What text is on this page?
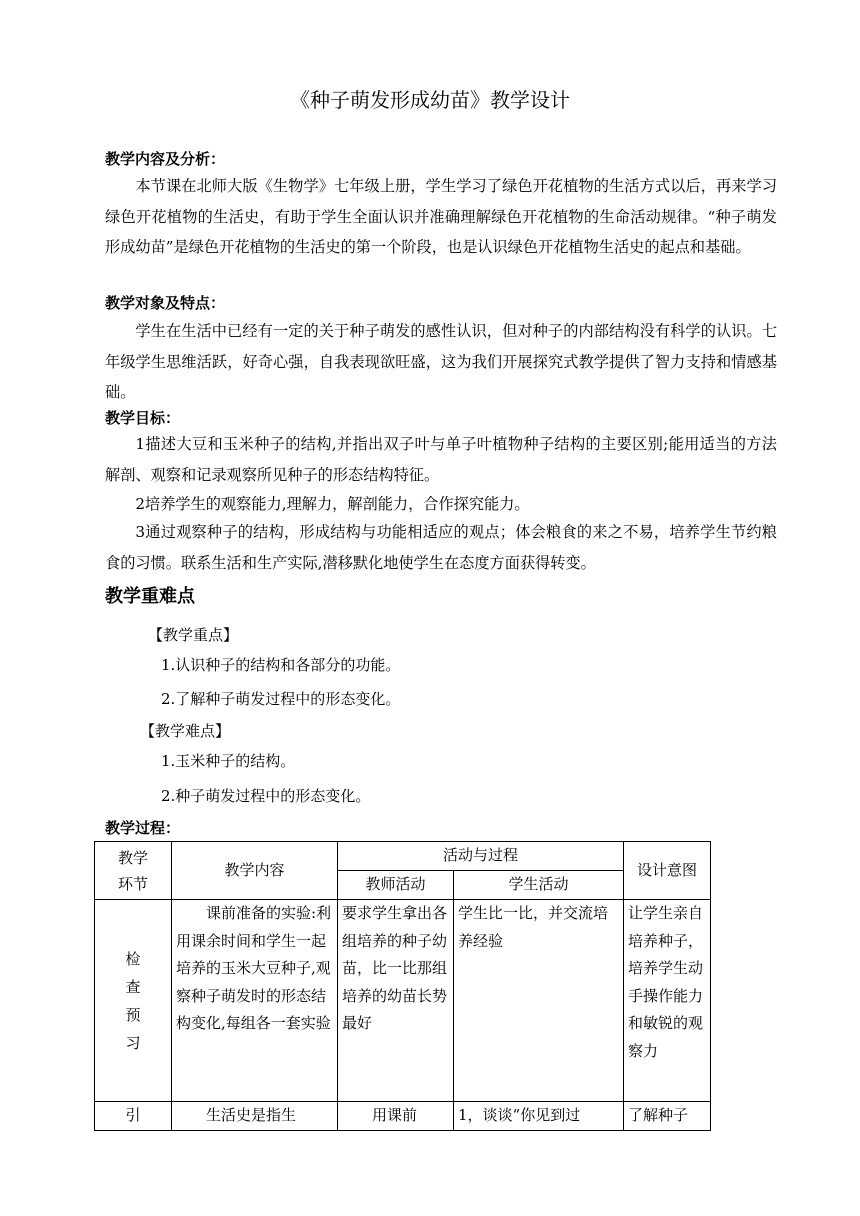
《种子萌发形成幼苗》教学设计
教学内容及分析：

本节课在北师大版《生物学》七年级上册，学生学习了绿色开花植物的生活方式以后，再来学习绿色开花植物的生活史，有助于学生全面认识并准确理解绿色开花植物的生命活动规律。“种子萌发形成幼苗”是绿色开花植物的生活史的第一个阶段，也是认识绿色开花植物生活史的起点和基础。

教学对象及特点：

学生在生活中已经有一定的关于种子萌发的感性认识，但对种子的内部结构没有科学的认识。七年级学生思维活跃，好奇心强，自我表现欲旺盛，这为我们开展探究式教学提供了智力支持和情感基础。

教学目标：

1描述大豆和玉米种子的结构,并指出双子叶与单子叶植物种子结构的主要区别;能用适当的方法解剖、观察和记录观察所见种子的形态结构特征。

2培养学生的观察能力,理解力，解剖能力，合作探究能力。

3通过观察种子的结构，形成结构与功能相适应的观点；体会粮食的来之不易，培养学生节约粮食的习惯。联系生活和生产实际,潜移默化地使学生在态度方面获得转变。

教学重难点
【教学重点】
1.认识种子的结构和各部分的功能。
2.了解种子萌发过程中的形态变化。
【教学难点】
1.玉米种子的结构。
2.种子萌发过程中的形态变化。
教学过程：
教学环节	教学内容	活动与过程		设计意图
		教师活动	学生活动	

检查预习	课前准备的实验:利用课余时间和学生一起培养的玉米大豆种子,观察种子萌发时的形态结构变化,每组各一套实验	要求学生拿出各组培养的种子幼苗，比一比那组培养的幼苗长势最好	学生比一比，并交流培养经验	让学生亲自培养种子，培养学生动手操作能力和敏锐的观察力
引	生活史是指生	用课前	1，谈谈“你见到过	了解种子
